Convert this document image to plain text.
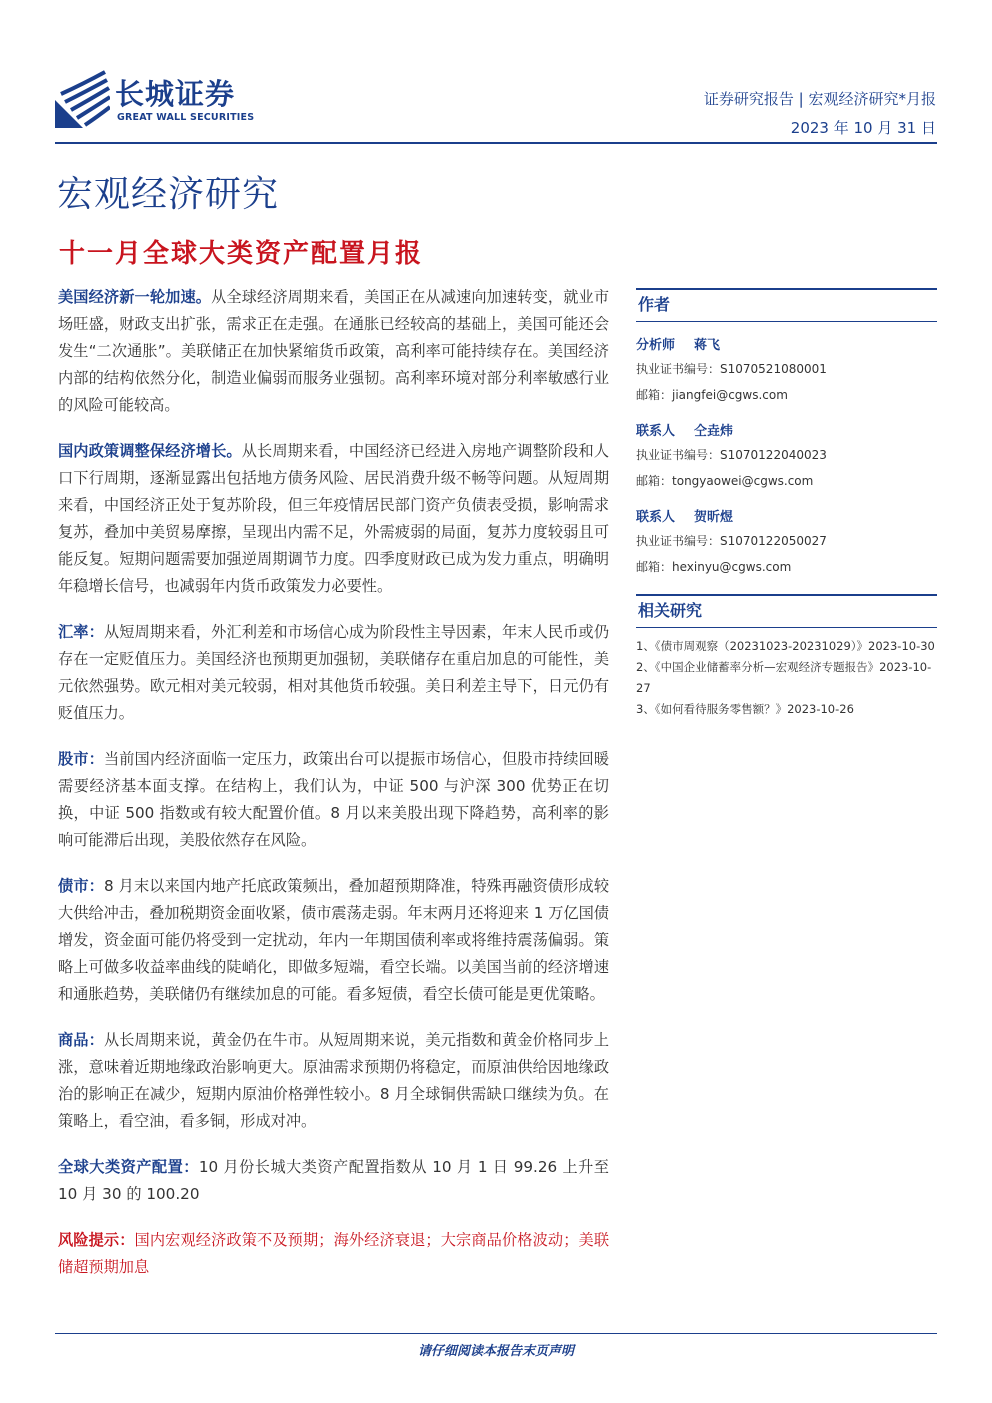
长城证券
GREAT WALL SECURITIES
证券研究报告 | 宏观经济研究*月报
2023 年 10 月 31 日
宏观经济研究
十一月全球大类资产配置月报

美国经济新一轮加速。从全球经济周期来看，美国正在从减速向加速转变，就业市场旺盛，财政支出扩张，需求正在走强。在通胀已经较高的基础上，美国可能还会发生“二次通胀”。美联储正在加快紧缩货币政策，高利率可能持续存在。美国经济内部的结构依然分化，制造业偏弱而服务业强韧。高利率环境对部分利率敏感行业的风险可能较高。

国内政策调整保经济增长。从长周期来看，中国经济已经进入房地产调整阶段和人口下行周期，逐渐显露出包括地方债务风险、居民消费升级不畅等问题。从短周期来看，中国经济正处于复苏阶段，但三年疫情居民部门资产负债表受损，影响需求复苏，叠加中美贸易摩擦，呈现出内需不足，外需疲弱的局面，复苏力度较弱且可能反复。短期问题需要加强逆周期调节力度。四季度财政已成为发力重点，明确明年稳增长信号，也减弱年内货币政策发力必要性。

汇率：从短周期来看，外汇利差和市场信心成为阶段性主导因素，年末人民币或仍存在一定贬值压力。美国经济也预期更加强韧，美联储存在重启加息的可能性，美元依然强势。欧元相对美元较弱，相对其他货币较强。美日利差主导下，日元仍有贬值压力。

股市：当前国内经济面临一定压力，政策出台可以提振市场信心，但股市持续回暖需要经济基本面支撑。在结构上，我们认为，中证 500 与沪深 300 优势正在切换，中证 500 指数或有较大配置价值。8 月以来美股出现下降趋势，高利率的影响可能滞后出现，美股依然存在风险。

债市：8 月末以来国内地产托底政策频出，叠加超预期降准，特殊再融资债形成较大供给冲击，叠加税期资金面收紧，债市震荡走弱。年末两月还将迎来 1 万亿国债增发，资金面可能仍将受到一定扰动，年内一年期国债利率或将维持震荡偏弱。策略上可做多收益率曲线的陡峭化，即做多短端，看空长端。以美国当前的经济增速和通胀趋势，美联储仍有继续加息的可能。看多短债，看空长债可能是更优策略。

商品：从长周期来说，黄金仍在牛市。从短周期来说，美元指数和黄金价格同步上涨，意味着近期地缘政治影响更大。原油需求预期仍将稳定，而原油供给因地缘政治的影响正在减少，短期内原油价格弹性较小。8 月全球铜供需缺口继续为负。在策略上，看空油，看多铜，形成对冲。

全球大类资产配置：10 月份长城大类资产配置指数从 10 月 1 日 99.26 上升至 10 月 30 的 100.20

风险提示：国内宏观经济政策不及预期；海外经济衰退；大宗商品价格波动；美联储超预期加息

作者
分析师 蒋飞
执业证书编号：S1070521080001
邮箱：jiangfei@cgws.com
联系人 仝垚炜
执业证书编号：S1070122040023
邮箱：tongyaowei@cgws.com
联系人 贺昕煜
执业证书编号：S1070122050027
邮箱：hexinyu@cgws.com
相关研究
1、《债市周观察（20231023-20231029）》2023-10-30
2、《中国企业储蓄率分析—宏观经济专题报告》2023-10-27
3、《如何看待服务零售额？》2023-10-26
请仔细阅读本报告末页声明
